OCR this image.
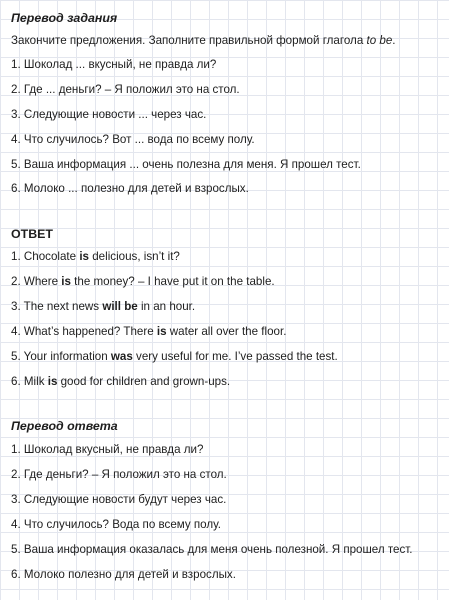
Перевод задания
Закончите предложения. Заполните правильной формой глагола to be.
1. Шоколад ... вкусный, не правда ли?
2. Где ... деньги? – Я положил это на стол.
3. Следующие новости ... через час.
4. Что случилось? Вот ... вода по всему полу.
5. Ваша информация ... очень полезна для меня. Я прошел тест.
6. Молоко ... полезно для детей и взрослых.
ОТВЕТ
1. Chocolate is delicious, isn’t it?
2. Where is the money? – I have put it on the table.
3. The next news will be in an hour.
4. What’s happened? There is water all over the floor.
5. Your information was very useful for me. I’ve passed the test.
6. Milk is good for children and grown-ups.
Перевод ответа
1. Шоколад вкусный, не правда ли?
2. Где деньги? – Я положил это на стол.
3. Следующие новости будут через час.
4. Что случилось? Вода по всему полу.
5. Ваша информация оказалась для меня очень полезной. Я прошел тест.
6. Молоко полезно для детей и взрослых.
